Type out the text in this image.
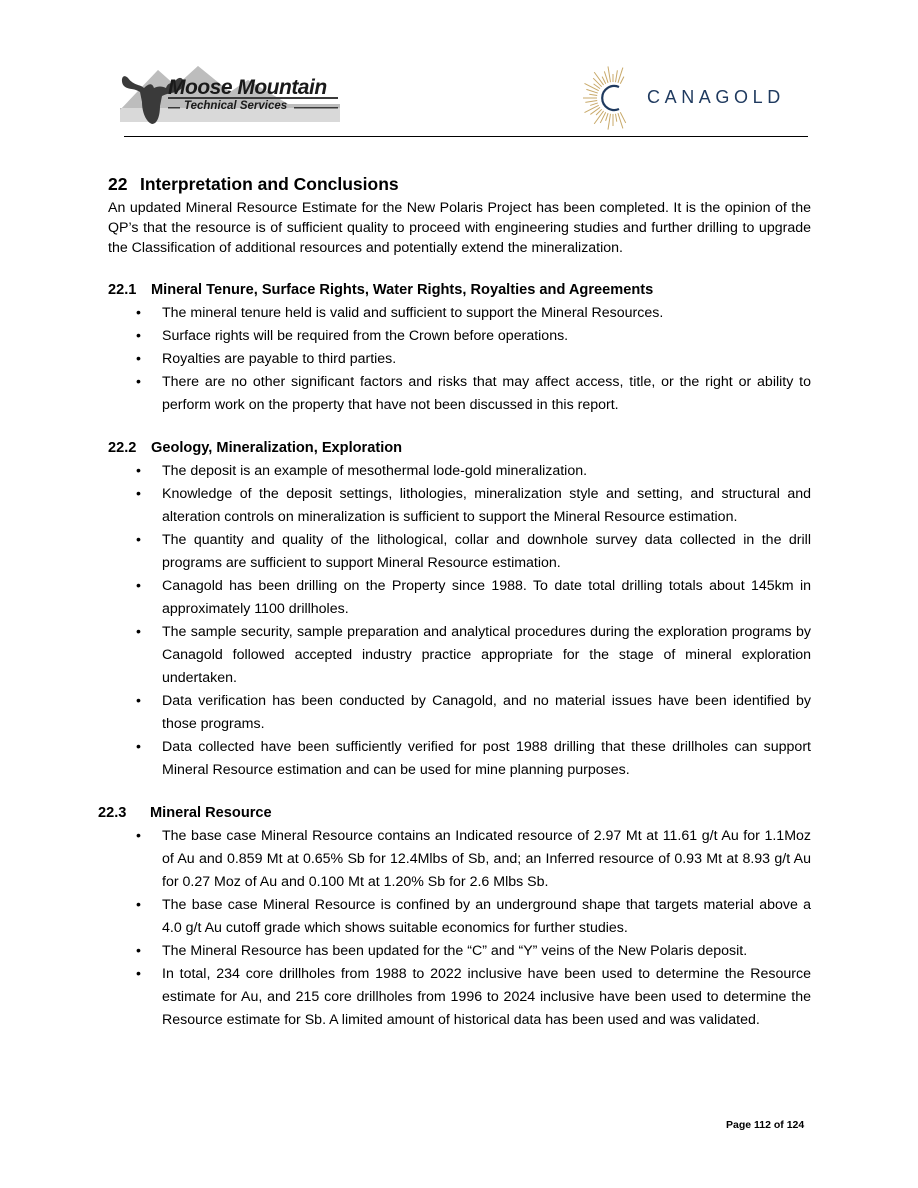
Moose Mountain
Technical Services	CANAGOLD
22 Interpretation and Conclusions

An updated Mineral Resource Estimate for the New Polaris Project has been completed. It is the opinion of the QP’s that the resource is of sufficient quality to proceed with engineering studies and further drilling to upgrade the Classification of additional resources and potentially extend the mineralization.

22.1 Mineral Tenure, Surface Rights, Water Rights, Royalties and Agreements
• The mineral tenure held is valid and sufficient to support the Mineral Resources.
• Surface rights will be required from the Crown before operations.
• Royalties are payable to third parties.
• There are no other significant factors and risks that may affect access, title, or the right or ability to perform work on the property that have not been discussed in this report.
22.2 Geology, Mineralization, Exploration
• The deposit is an example of mesothermal lode-gold mineralization.
• Knowledge of the deposit settings, lithologies, mineralization style and setting, and structural and alteration controls on mineralization is sufficient to support the Mineral Resource estimation.
• The quantity and quality of the lithological, collar and downhole survey data collected in the drill programs are sufficient to support Mineral Resource estimation.
• Canagold has been drilling on the Property since 1988. To date total drilling totals about 145km in approximately 1100 drillholes.
• The sample security, sample preparation and analytical procedures during the exploration programs by Canagold followed accepted industry practice appropriate for the stage of mineral exploration undertaken.
• Data verification has been conducted by Canagold, and no material issues have been identified by those programs.
• Data collected have been sufficiently verified for post 1988 drilling that these drillholes can support Mineral Resource estimation and can be used for mine planning purposes.
22.3 Mineral Resource
• The base case Mineral Resource contains an Indicated resource of 2.97 Mt at 11.61 g/t Au for 1.1Moz of Au and 0.859 Mt at 0.65% Sb for 12.4Mlbs of Sb, and; an Inferred resource of 0.93 Mt at 8.93 g/t Au for 0.27 Moz of Au and 0.100 Mt at 1.20% Sb for 2.6 Mlbs Sb.
• The base case Mineral Resource is confined by an underground shape that targets material above a 4.0 g/t Au cutoff grade which shows suitable economics for further studies.
• The Mineral Resource has been updated for the “C” and “Y” veins of the New Polaris deposit.
• In total, 234 core drillholes from 1988 to 2022 inclusive have been used to determine the Resource estimate for Au, and 215 core drillholes from 1996 to 2024 inclusive have been used to determine the Resource estimate for Sb. A limited amount of historical data has been used and was validated.
Page 112 of 124
